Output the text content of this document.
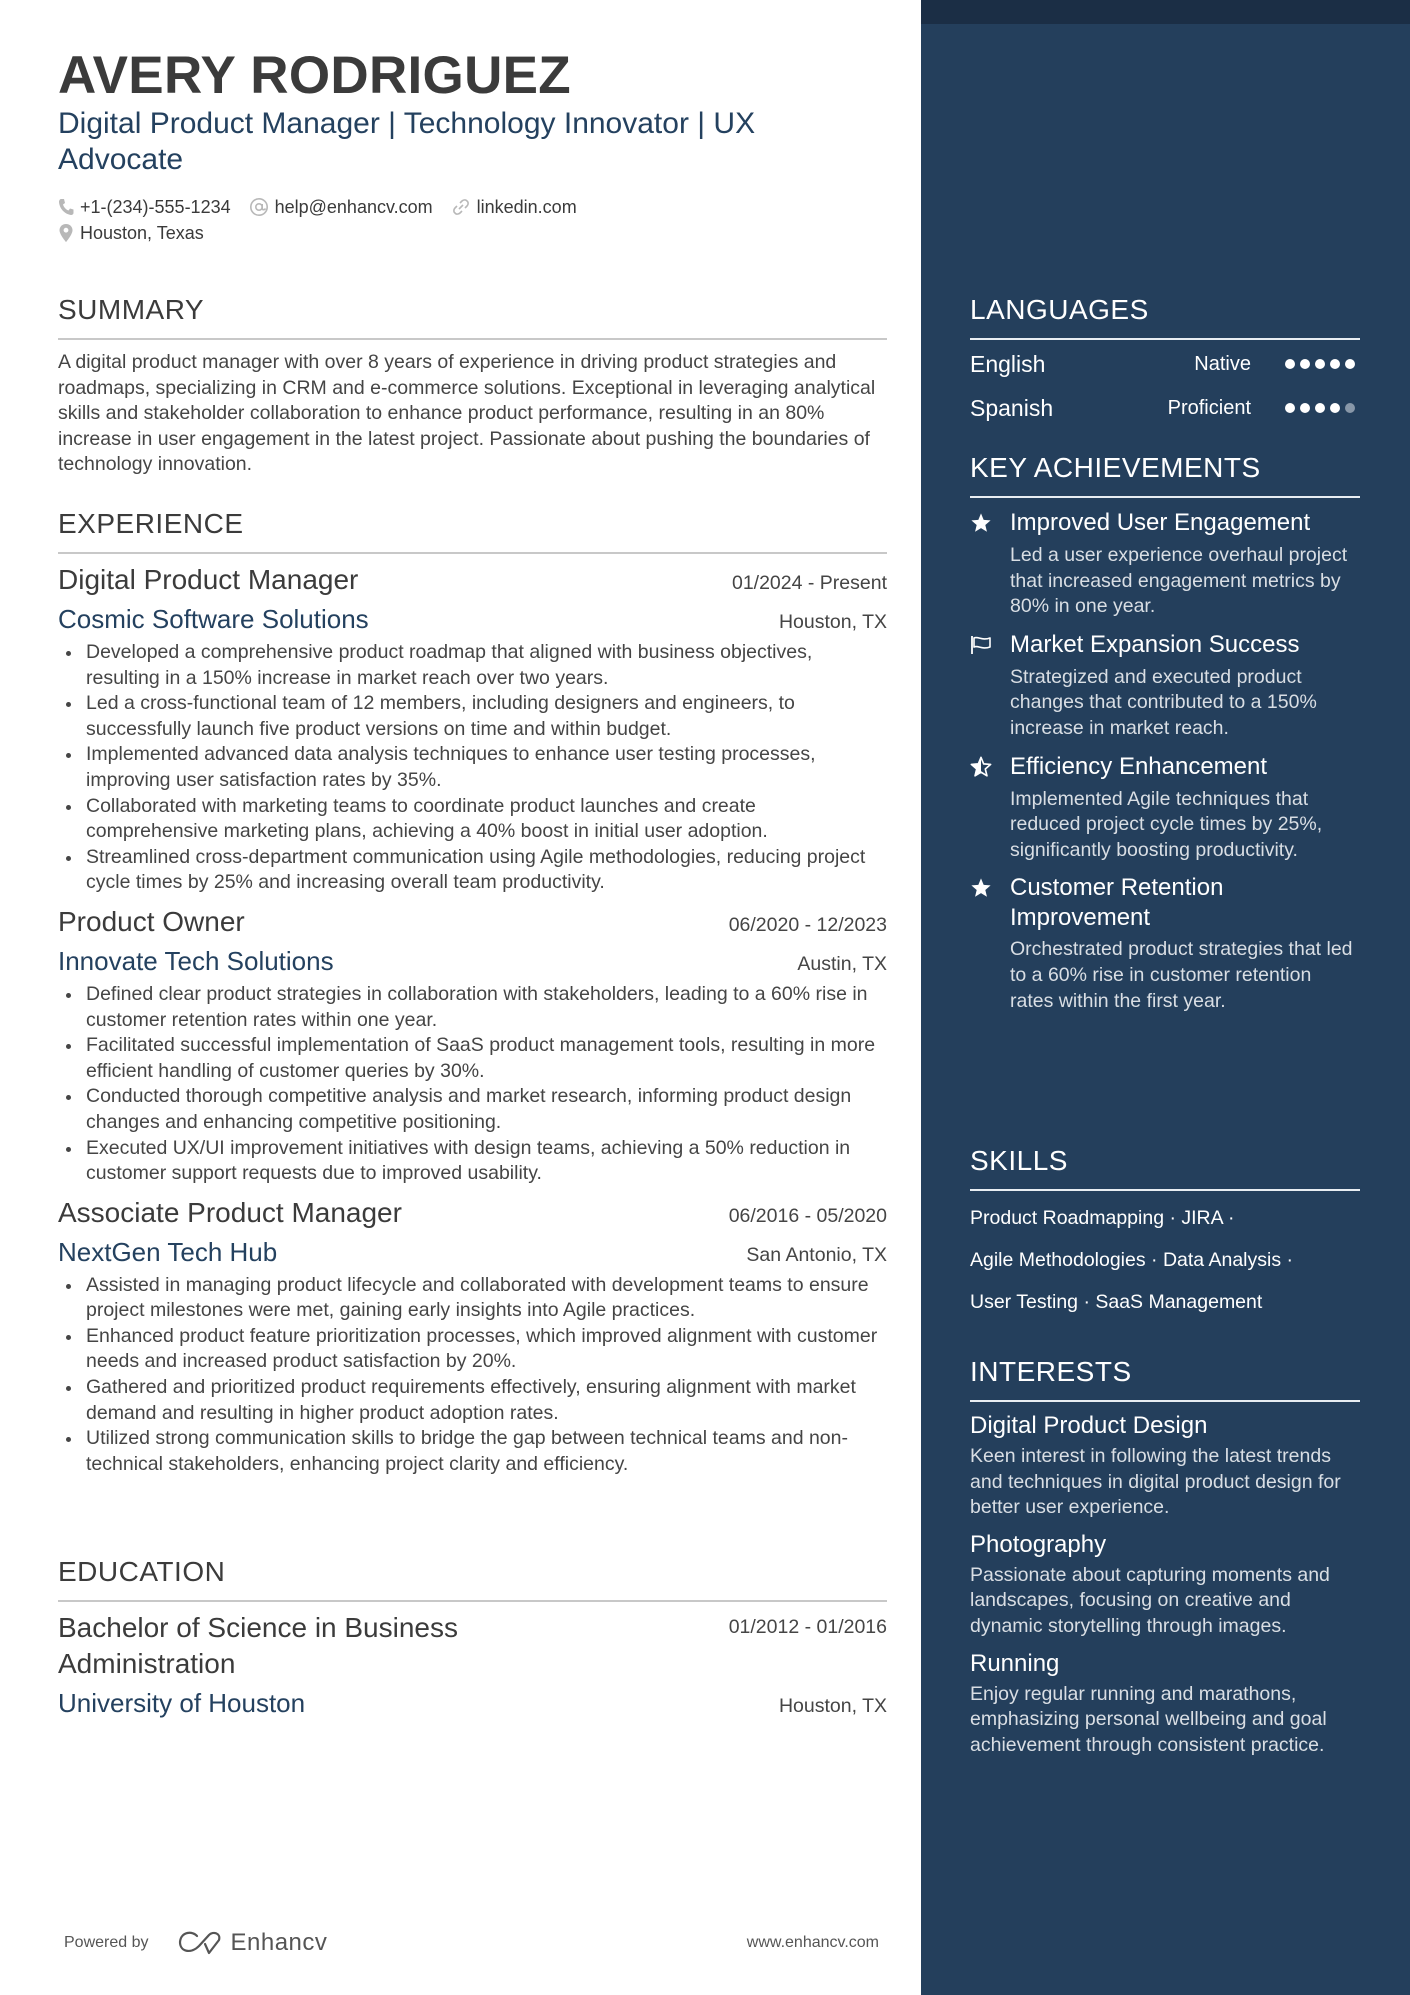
AVERY RODRIGUEZ
Digital Product Manager | Technology Innovator | UX Advocate
+1-(234)-555-1234 help@enhancv.com linkedin.com
Houston, Texas
SUMMARY
A digital product manager with over 8 years of experience in driving product strategies and roadmaps, specializing in CRM and e-commerce solutions. Exceptional in leveraging analytical skills and stakeholder collaboration to enhance product performance, resulting in an 80% increase in user engagement in the latest project. Passionate about pushing the boundaries of technology innovation.
EXPERIENCE
Digital Product Manager	01/2024 - Present
Cosmic Software Solutions	Houston, TX
Developed a comprehensive product roadmap that aligned with business objectives, resulting in a 150% increase in market reach over two years.
Led a cross-functional team of 12 members, including designers and engineers, to successfully launch five product versions on time and within budget.
Implemented advanced data analysis techniques to enhance user testing processes, improving user satisfaction rates by 35%.
Collaborated with marketing teams to coordinate product launches and create comprehensive marketing plans, achieving a 40% boost in initial user adoption.
Streamlined cross-department communication using Agile methodologies, reducing project cycle times by 25% and increasing overall team productivity.
Product Owner	06/2020 - 12/2023
Innovate Tech Solutions	Austin, TX
Defined clear product strategies in collaboration with stakeholders, leading to a 60% rise in customer retention rates within one year.
Facilitated successful implementation of SaaS product management tools, resulting in more efficient handling of customer queries by 30%.
Conducted thorough competitive analysis and market research, informing product design changes and enhancing competitive positioning.
Executed UX/UI improvement initiatives with design teams, achieving a 50% reduction in customer support requests due to improved usability.
Associate Product Manager	06/2016 - 05/2020
NextGen Tech Hub	San Antonio, TX
Assisted in managing product lifecycle and collaborated with development teams to ensure project milestones were met, gaining early insights into Agile practices.
Enhanced product feature prioritization processes, which improved alignment with customer needs and increased product satisfaction by 20%.
Gathered and prioritized product requirements effectively, ensuring alignment with market demand and resulting in higher product adoption rates.
Utilized strong communication skills to bridge the gap between technical teams and non-technical stakeholders, enhancing project clarity and efficiency.
EDUCATION
Bachelor of Science in Business Administration
01/2012 - 01/2016
University of Houston	Houston, TX
Powered by	Enhancv	www.enhancv.com
LANGUAGES
English	Native
Spanish	Proficient
KEY ACHIEVEMENTS
Improved User Engagement
Led a user experience overhaul project that increased engagement metrics by 80% in one year.
Market Expansion Success
Strategized and executed product changes that contributed to a 150% increase in market reach.
Efficiency Enhancement
Implemented Agile techniques that reduced project cycle times by 25%, significantly boosting productivity.
Customer Retention Improvement
Orchestrated product strategies that led to a 60% rise in customer retention rates within the first year.
SKILLS
Product Roadmapping · JIRA ·
Agile Methodologies · Data Analysis ·
User Testing · SaaS Management
INTERESTS
Digital Product Design
Keen interest in following the latest trends and techniques in digital product design for better user experience.
Photography
Passionate about capturing moments and landscapes, focusing on creative and dynamic storytelling through images.
Running
Enjoy regular running and marathons, emphasizing personal wellbeing and goal achievement through consistent practice.
